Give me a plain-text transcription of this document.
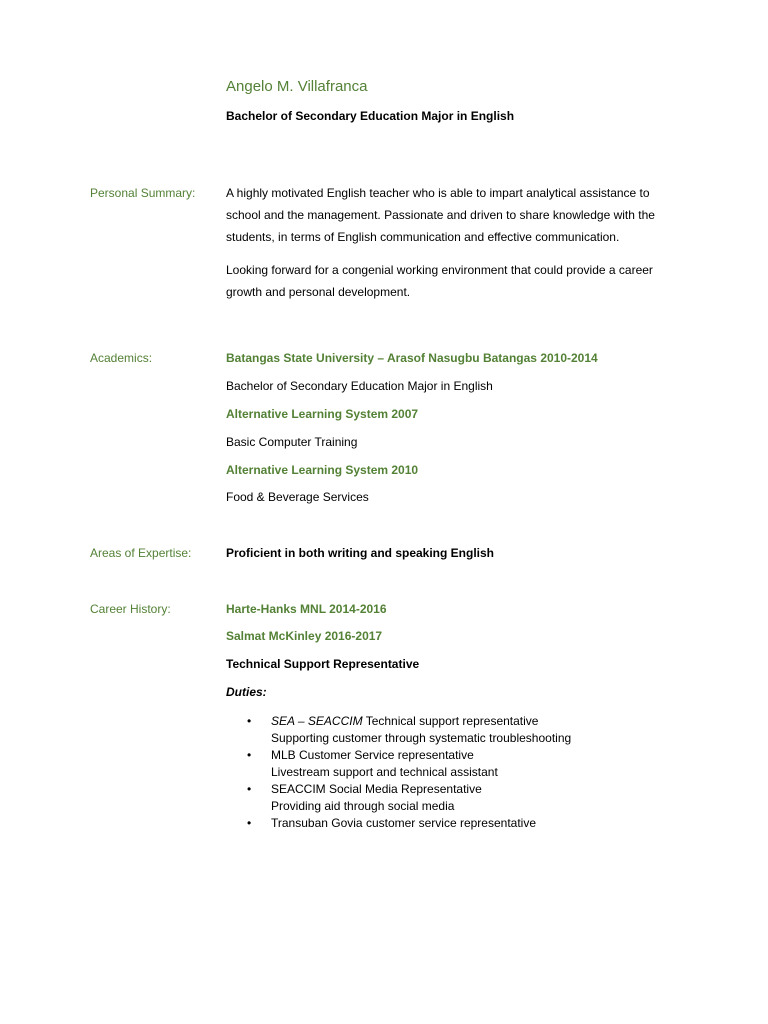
Angelo M. Villafranca
Bachelor of Secondary Education Major in English
Personal Summary:	A highly motivated English teacher who is able to impart analytical assistance to school and the management. Passionate and driven to share knowledge with the students, in terms of English communication and effective communication.
Looking forward for a congenial working environment that could provide a career growth and personal development.
Academics:	Batangas State University – Arasof Nasugbu Batangas 2010-2014
Bachelor of Secondary Education Major in English
Alternative Learning System 2007
Basic Computer Training
Alternative Learning System 2010
Food & Beverage Services
Areas of Expertise:	Proficient in both writing and speaking English
Career History:	Harte-Hanks MNL 2014-2016
Salmat McKinley 2016-2017
Technical Support Representative
Duties:
• SEA – SEACCIM Technical support representative
Supporting customer through systematic troubleshooting
• MLB Customer Service representative
Livestream support and technical assistant
• SEACCIM Social Media Representative
Providing aid through social media
• Transuban Govia customer service representative
